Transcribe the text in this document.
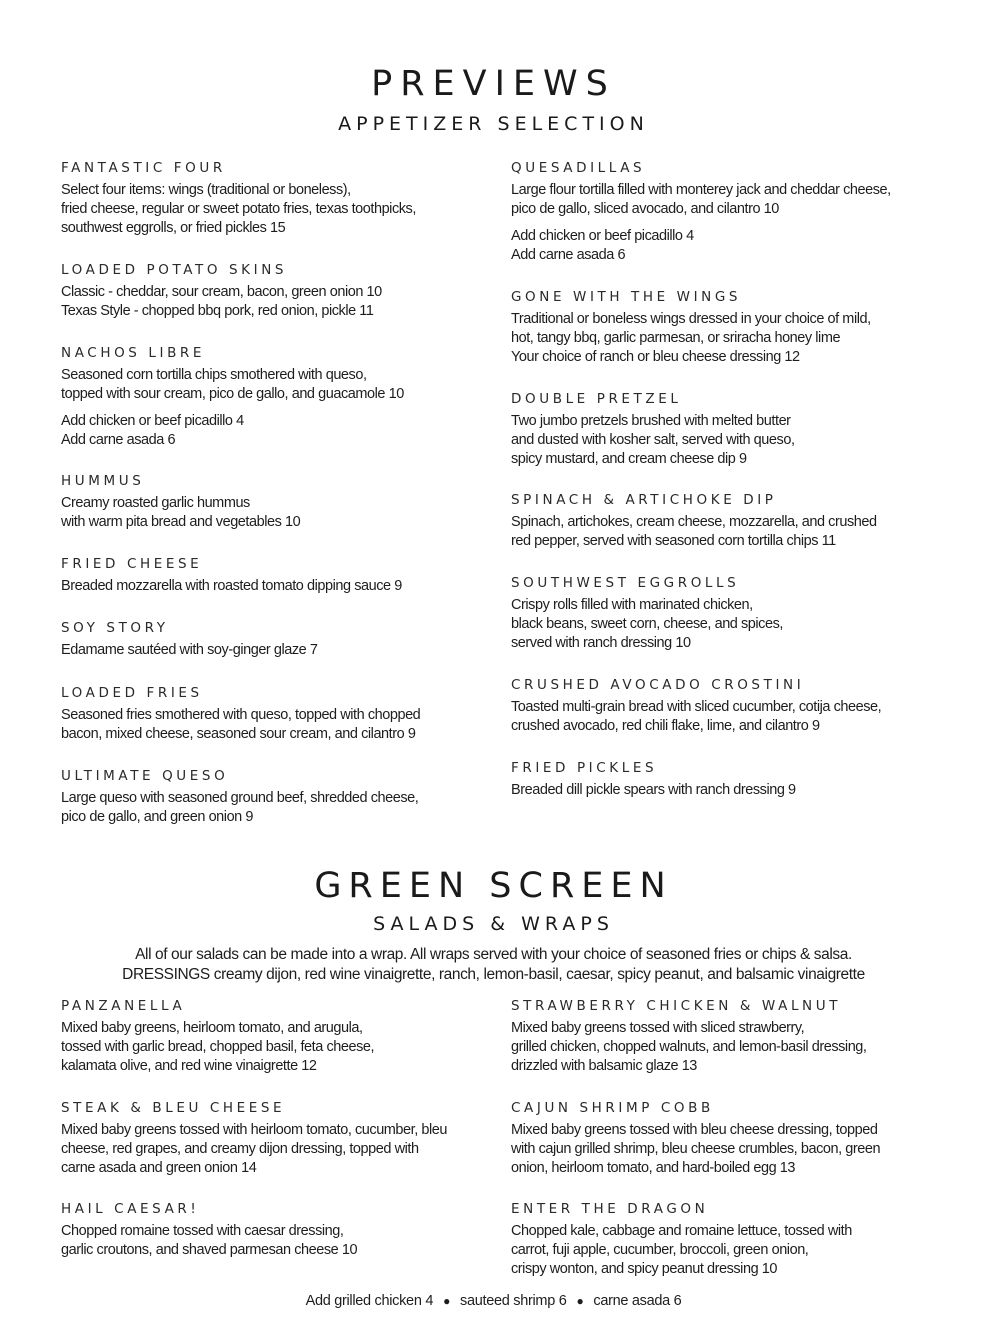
PREVIEWS
APPETIZER SELECTION
FANTASTIC FOUR
Select four items: wings (traditional or boneless),
fried cheese, regular or sweet potato fries, texas toothpicks,
southwest eggrolls, or fried pickles 15
LOADED POTATO SKINS
Classic - cheddar, sour cream, bacon, green onion 10
Texas Style - chopped bbq pork, red onion, pickle 11
NACHOS LIBRE
Seasoned corn tortilla chips smothered with queso,
topped with sour cream, pico de gallo, and guacamole 10
Add chicken or beef picadillo 4
Add carne asada 6
HUMMUS
Creamy roasted garlic hummus
with warm pita bread and vegetables 10
FRIED CHEESE
Breaded mozzarella with roasted tomato dipping sauce 9
SOY STORY
Edamame sautéed with soy-ginger glaze 7
LOADED FRIES
Seasoned fries smothered with queso, topped with chopped
bacon, mixed cheese, seasoned sour cream, and cilantro 9
ULTIMATE QUESO
Large queso with seasoned ground beef, shredded cheese,
pico de gallo, and green onion 9
QUESADILLAS
Large flour tortilla filled with monterey jack and cheddar cheese,
pico de gallo, sliced avocado, and cilantro 10
Add chicken or beef picadillo 4
Add carne asada 6
GONE WITH THE WINGS
Traditional or boneless wings dressed in your choice of mild,
hot, tangy bbq, garlic parmesan, or sriracha honey lime
Your choice of ranch or bleu cheese dressing 12
DOUBLE PRETZEL
Two jumbo pretzels brushed with melted butter
and dusted with kosher salt, served with queso,
spicy mustard, and cream cheese dip 9
SPINACH & ARTICHOKE DIP
Spinach, artichokes, cream cheese, mozzarella, and crushed
red pepper, served with seasoned corn tortilla chips 11
SOUTHWEST EGGROLLS
Crispy rolls filled with marinated chicken,
black beans, sweet corn, cheese, and spices,
served with ranch dressing 10
CRUSHED AVOCADO CROSTINI
Toasted multi-grain bread with sliced cucumber, cotija cheese,
crushed avocado, red chili flake, lime, and cilantro 9
FRIED PICKLES
Breaded dill pickle spears with ranch dressing 9
GREEN SCREEN
SALADS & WRAPS
All of our salads can be made into a wrap. All wraps served with your choice of seasoned fries or chips & salsa.
DRESSINGS creamy dijon, red wine vinaigrette, ranch, lemon-basil, caesar, spicy peanut, and balsamic vinaigrette
PANZANELLA
Mixed baby greens, heirloom tomato, and arugula,
tossed with garlic bread, chopped basil, feta cheese,
kalamata olive, and red wine vinaigrette 12
STEAK & BLEU CHEESE
Mixed baby greens tossed with heirloom tomato, cucumber, bleu
cheese, red grapes, and creamy dijon dressing, topped with
carne asada and green onion 14
HAIL CAESAR!
Chopped romaine tossed with caesar dressing,
garlic croutons, and shaved parmesan cheese 10
STRAWBERRY CHICKEN & WALNUT
Mixed baby greens tossed with sliced strawberry,
grilled chicken, chopped walnuts, and lemon-basil dressing,
drizzled with balsamic glaze 13
CAJUN SHRIMP COBB
Mixed baby greens tossed with bleu cheese dressing, topped
with cajun grilled shrimp, bleu cheese crumbles, bacon, green
onion, heirloom tomato, and hard-boiled egg 13
ENTER THE DRAGON
Chopped kale, cabbage and romaine lettuce, tossed with
carrot, fuji apple, cucumber, broccoli, green onion,
crispy wonton, and spicy peanut dressing 10
Add grilled chicken 4 ● sauteed shrimp 6 ● carne asada 6
